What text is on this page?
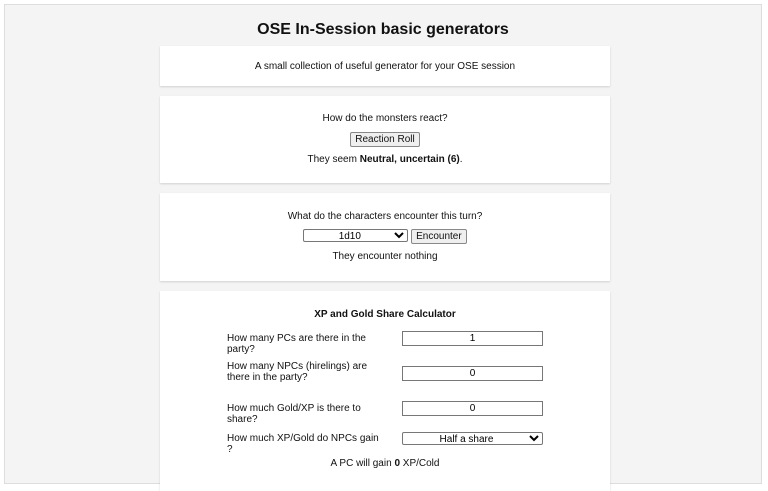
OSE In-Session basic generators
A small collection of useful generator for your OSE session
How do the monsters react?
Reaction Roll
They seem Neutral, uncertain (6).
What do the characters encounter this turn?
1d10 Encounter
They encounter nothing
XP and Gold Share Calculator
How many PCs are there in the party?
1
How many NPCs (hirelings) are there in the party?
0
How much Gold/XP is there to share?
0
How much XP/Gold do NPCs gain ?
Half a share
A PC will gain 0 XP/Cold
